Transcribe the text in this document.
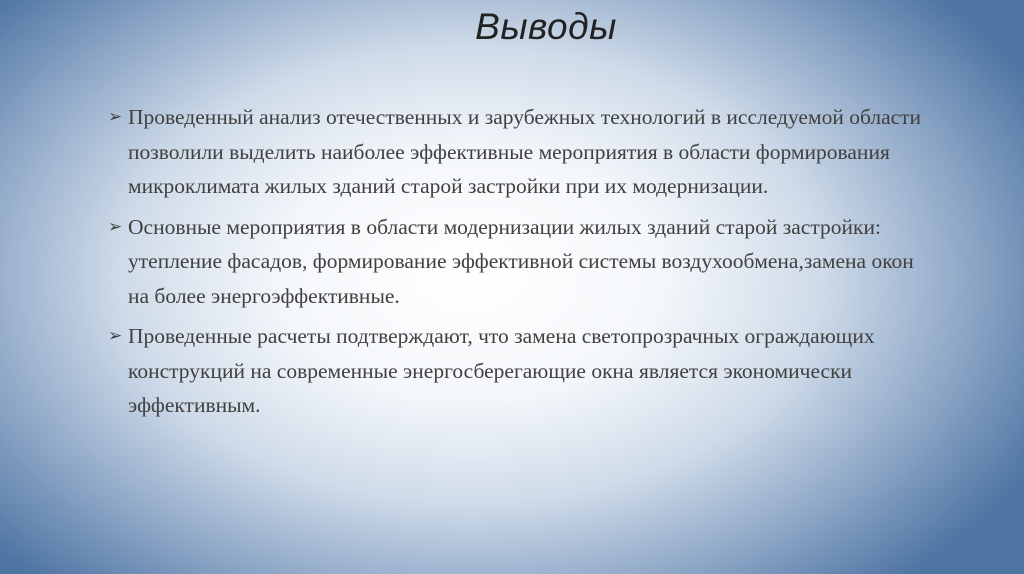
Выводы
➢ Проведенный анализ отечественных и зарубежных технологий в исследуемой области позволили выделить наиболее эффективные мероприятия в области формирования микроклимата жилых зданий старой застройки при их модернизации.
➢ Основные мероприятия в области модернизации жилых зданий старой застройки: утепление фасадов, формирование эффективной системы воздухообмена,замена окон на более энергоэффективные.
➢ Проведенные расчеты подтверждают, что замена светопрозрачных ограждающих конструкций на современные энергосберегающие окна является экономически эффективным.
